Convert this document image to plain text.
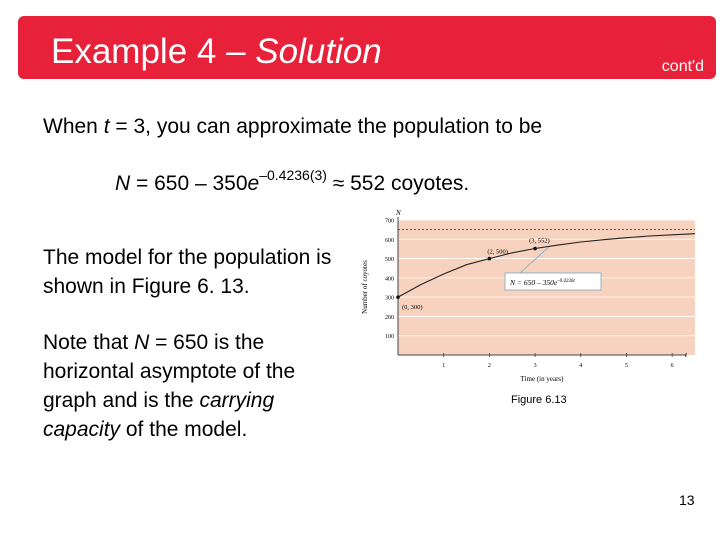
Example 4 – Solution	cont'd
When t = 3, you can approximate the population to be
$N = 650 - 350e^{-0.4236(3)} \approx 552$ coyotes.
The model for the population is shown in Figure 6. 13.
Note that N = 650 is the horizontal asymptote of the graph and is the carrying capacity of the model.
N
t
Number of coyotes
Time (in years)
100
200
300
400
500
600
700
1	2	3	4	5	6
(0, 300)
(2, 500)
(3, 552)
$N = 650 - 350e^{-0.4236t}$
Figure 6.13
13
